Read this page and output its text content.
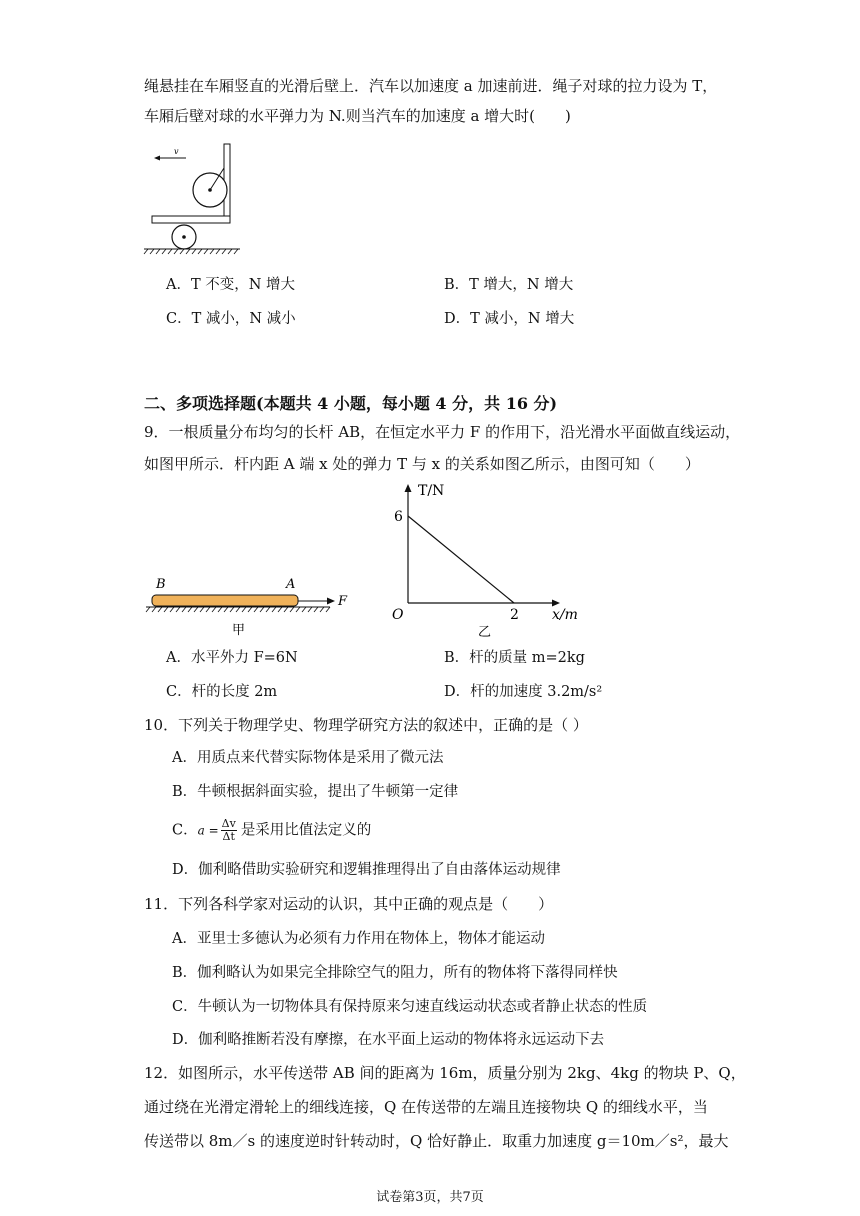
绳悬挂在车厢竖直的光滑后壁上．汽车以加速度 a 加速前进．绳子对球的拉力设为 T，
车厢后壁对球的水平弹力为 N.则当汽车的加速度 a 增大时(　　)
v
A．T 不变，N 增大	B．T 增大，N 增大
C．T 减小，N 减小	D．T 减小，N 增大
二、多项选择题(本题共 4 小题，每小题 4 分，共 16 分)
9．一根质量分布均匀的长杆 AB，在恒定水平力 F 的作用下，沿光滑水平面做直线运动，
如图甲所示．杆内距 A 端 x 处的弹力 T 与 x 的关系如图乙所示，由图可知（　　）
B	A
F
甲
T/N
x/m
O
6
2
乙
A．水平外力 F=6N	B．杆的质量 m=2kg
C．杆的长度 2m	D．杆的加速度 3.2m/s²
10．下列关于物理学史、物理学研究方法的叙述中，正确的是（ ）
A．用质点来代替实际物体是采用了微元法
B．牛顿根据斜面实验，提出了牛顿第一定律
C．$a = \frac{\Delta v}{\Delta t}$ 是采用比值法定义的
D．伽利略借助实验研究和逻辑推理得出了自由落体运动规律
11．下列各科学家对运动的认识，其中正确的观点是（　　）
A．亚里士多德认为必须有力作用在物体上，物体才能运动
B．伽利略认为如果完全排除空气的阻力，所有的物体将下落得同样快
C．牛顿认为一切物体具有保持原来匀速直线运动状态或者静止状态的性质
D．伽利略推断若没有摩擦，在水平面上运动的物体将永远运动下去
12．如图所示，水平传送带 AB 间的距离为 16m，质量分别为 2kg、4kg 的物块 P、Q，
通过绕在光滑定滑轮上的细线连接，Q 在传送带的左端且连接物块 Q 的细线水平，当
传送带以 8m／s 的速度逆时针转动时，Q 恰好静止．取重力加速度 g＝10m／s²，最大
试卷第3页，共7页
